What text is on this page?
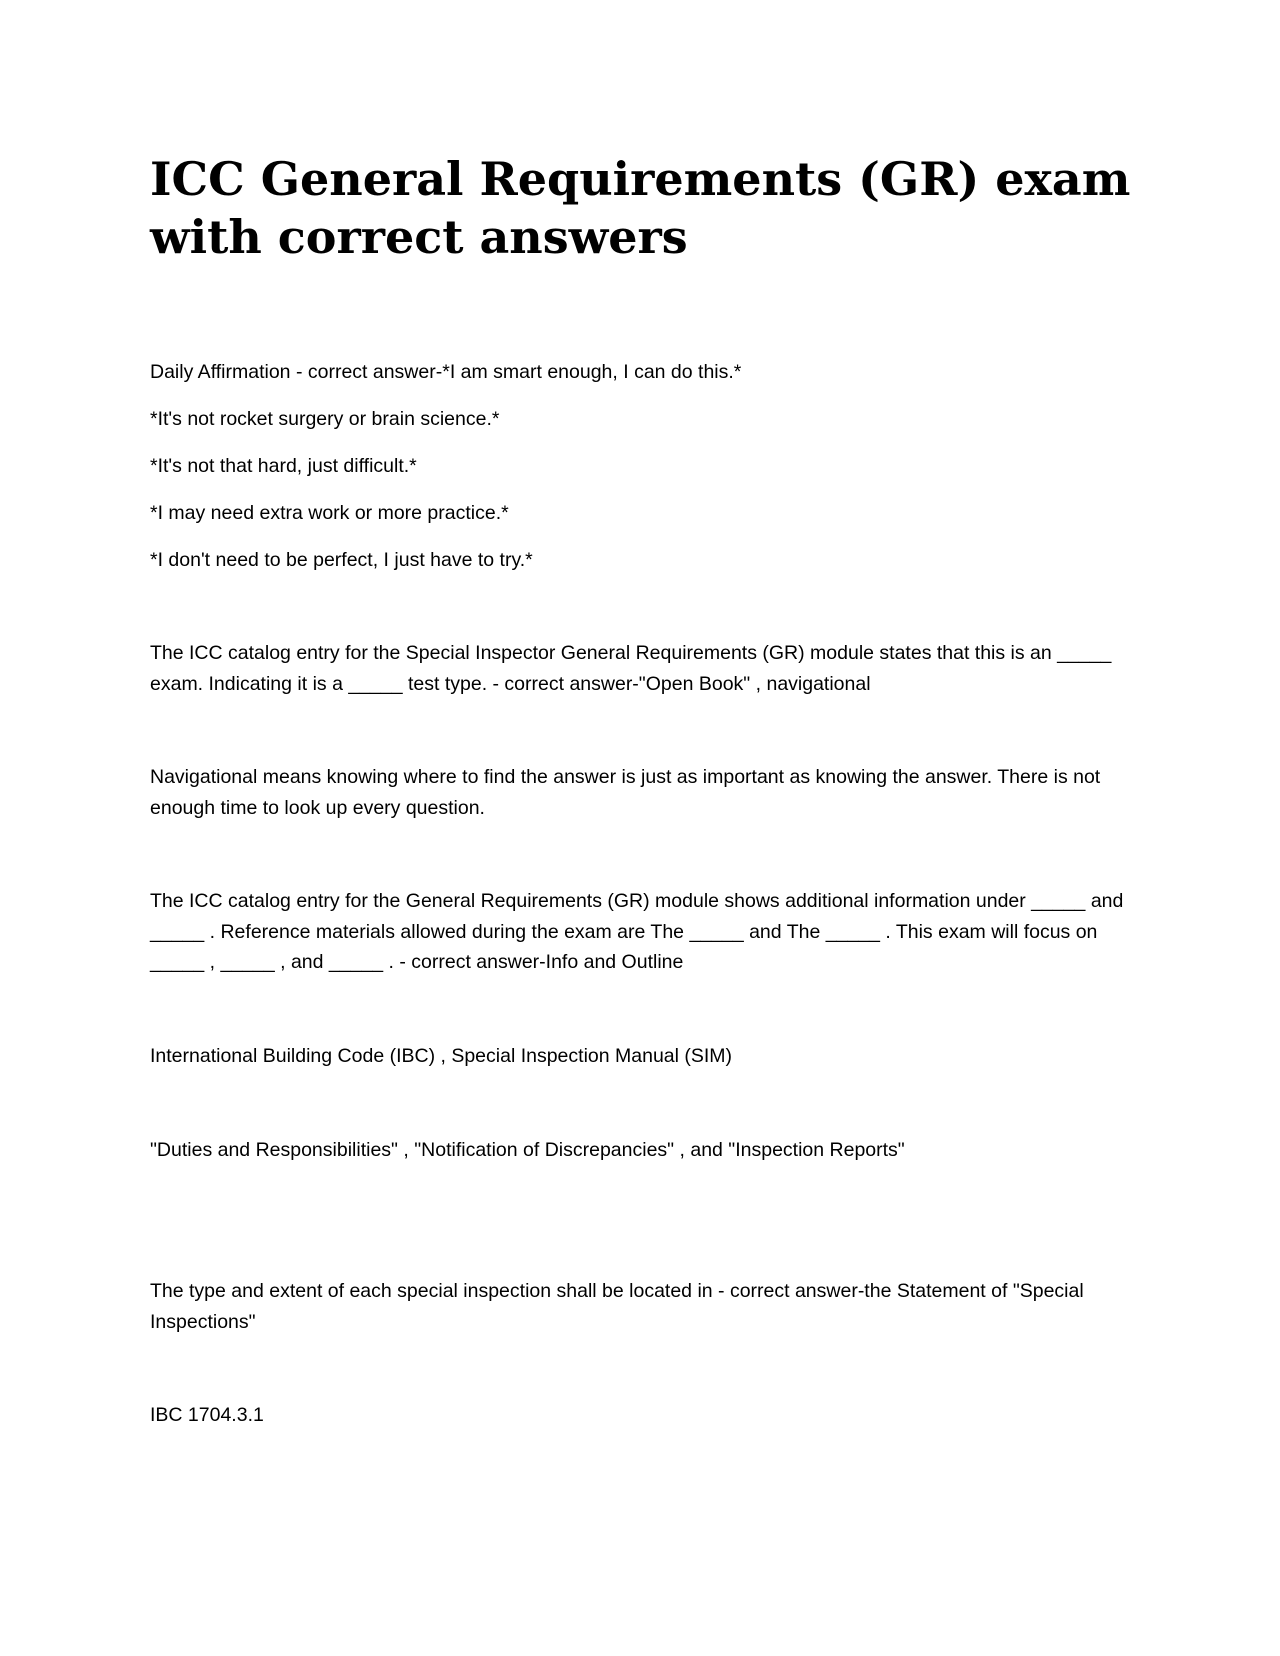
ICC General Requirements (GR) exam with correct answers

Daily Affirmation - correct answer-*I am smart enough, I can do this.*

*It's not rocket surgery or brain science.*

*It's not that hard, just difficult.*

*I may need extra work or more practice.*

*I don't need to be perfect, I just have to try.*

The ICC catalog entry for the Special Inspector General Requirements (GR) module states that this is an _____ exam. Indicating it is a _____ test type. - correct answer-"Open Book" , navigational

Navigational means knowing where to find the answer is just as important as knowing the answer. There is not enough time to look up every question.

The ICC catalog entry for the General Requirements (GR) module shows additional information under _____ and _____ . Reference materials allowed during the exam are The _____ and The _____ . This exam will focus on _____ , _____ , and _____ . - correct answer-Info and Outline

International Building Code (IBC) , Special Inspection Manual (SIM)

"Duties and Responsibilities" , "Notification of Discrepancies" , and "Inspection Reports"

The type and extent of each special inspection shall be located in - correct answer-the Statement of "Special Inspections"

IBC 1704.3.1
